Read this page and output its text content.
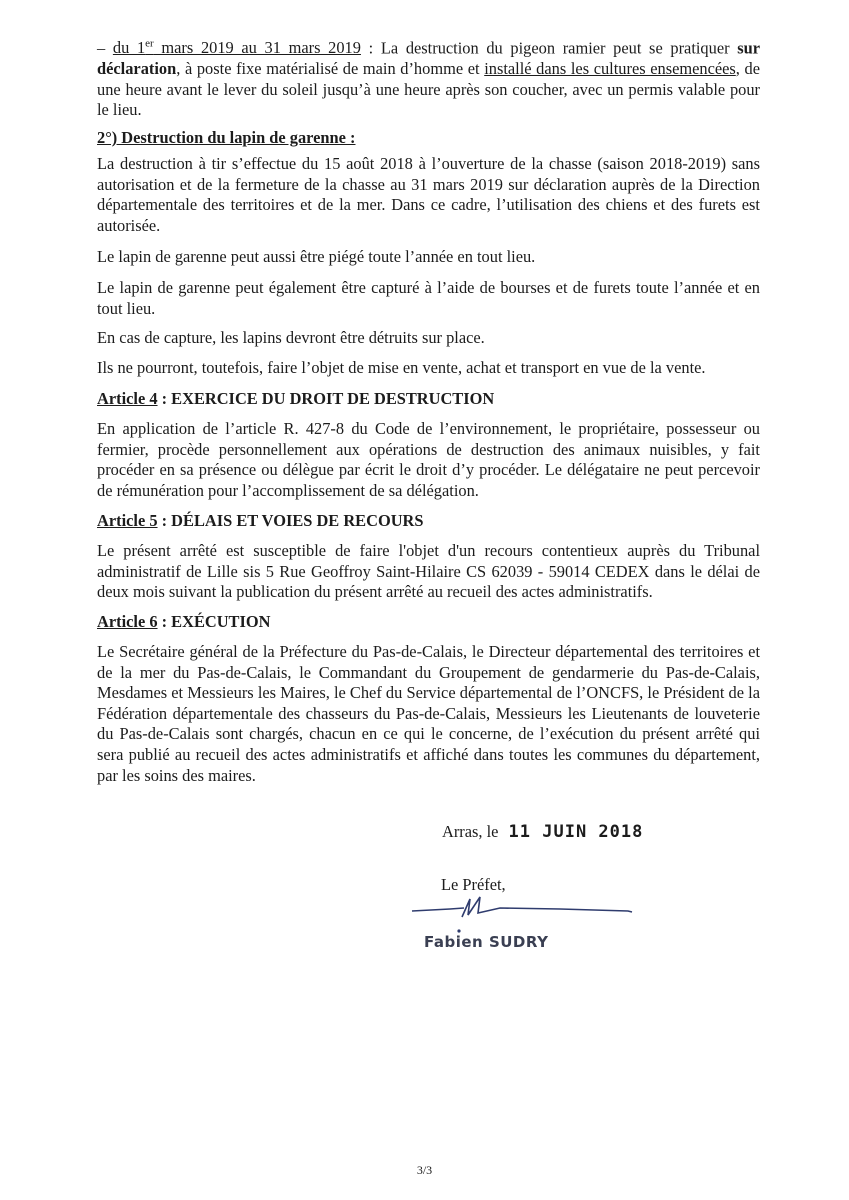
– du 1er mars 2019 au 31 mars 2019 : La destruction du pigeon ramier peut se pratiquer sur déclaration, à poste fixe matérialisé de main d’homme et installé dans les cultures ensemencées, de une heure avant le lever du soleil jusqu’à une heure après son coucher, avec un permis valable pour le lieu.

2°) Destruction du lapin de garenne :

La destruction à tir s’effectue du 15 août 2018 à l’ouverture de la chasse (saison 2018-2019) sans autorisation et de la fermeture de la chasse au 31 mars 2019 sur déclaration auprès de la Direction départementale des territoires et de la mer. Dans ce cadre, l’utilisation des chiens et des furets est autorisée.

Le lapin de garenne peut aussi être piégé toute l’année en tout lieu.

Le lapin de garenne peut également être capturé à l’aide de bourses et de furets toute l’année et en tout lieu.

En cas de capture, les lapins devront être détruits sur place.

Ils ne pourront, toutefois, faire l’objet de mise en vente, achat et transport en vue de la vente.

Article 4 : EXERCICE DU DROIT DE DESTRUCTION

En application de l’article R. 427-8 du Code de l’environnement, le propriétaire, possesseur ou fermier, procède personnellement aux opérations de destruction des animaux nuisibles, y fait procéder en sa présence ou délègue par écrit le droit d’y procéder. Le délégataire ne peut percevoir de rémunération pour l’accomplissement de sa délégation.

Article 5 : DÉLAIS ET VOIES DE RECOURS

Le présent arrêté est susceptible de faire l'objet d'un recours contentieux auprès du Tribunal administratif de Lille sis 5 Rue Geoffroy Saint-Hilaire CS 62039 - 59014 CEDEX dans le délai de deux mois suivant la publication du présent arrêté au recueil des actes administratifs.

Article 6 : EXÉCUTION

Le Secrétaire général de la Préfecture du Pas-de-Calais, le Directeur départemental des territoires et de la mer du Pas-de-Calais, le Commandant du Groupement de gendarmerie du Pas-de-Calais, Mesdames et Messieurs les Maires, le Chef du Service départemental de l’ONCFS, le Président de la Fédération départementale des chasseurs du Pas-de-Calais, Messieurs les Lieutenants de louveterie du Pas-de-Calais sont chargés, chacun en ce qui le concerne, de l’exécution du présent arrêté qui sera publié au recueil des actes administratifs et affiché dans toutes les communes du département, par les soins des maires.

Arras, le 11 JUIN 2018
Le Préfet,
Fabien SUDRY
3/3
